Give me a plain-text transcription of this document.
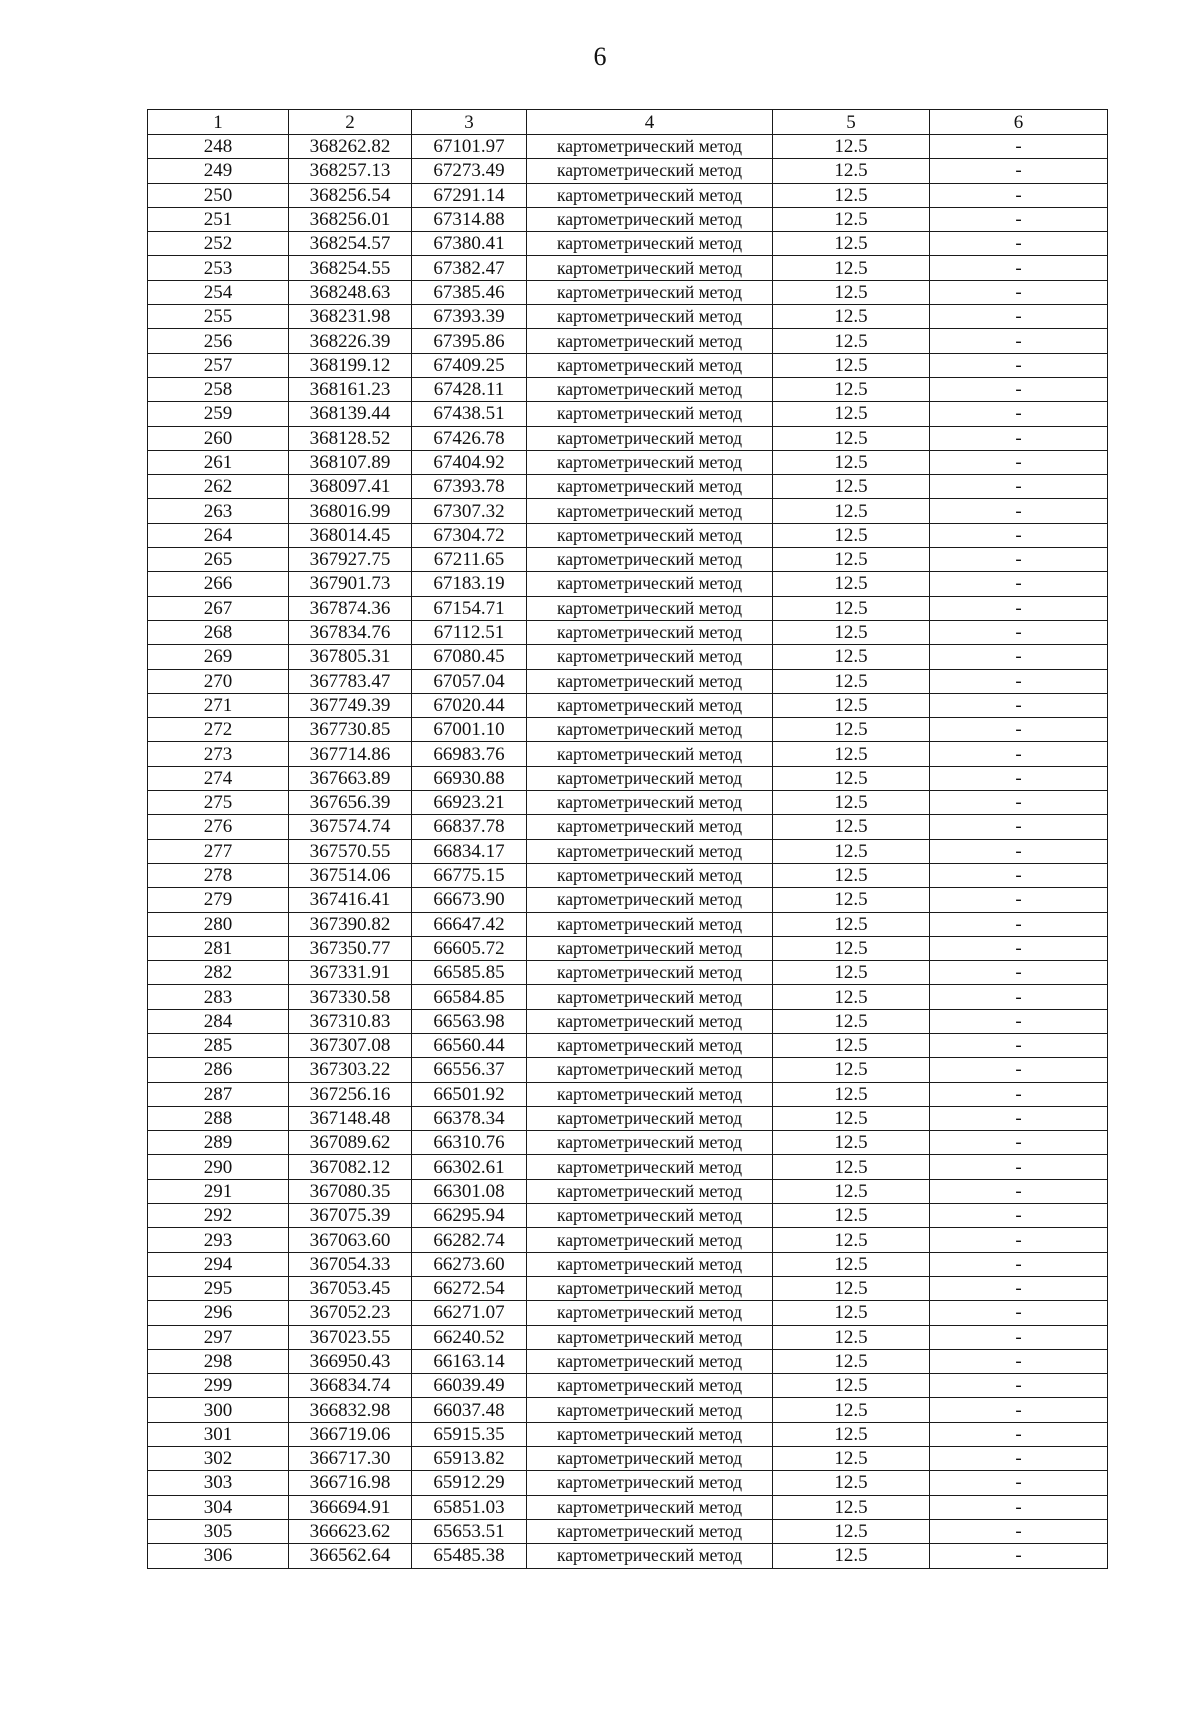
6
1	2	3	4	5	6
248	368262.82	67101.97	картометрический метод	12.5	-
249	368257.13	67273.49	картометрический метод	12.5	-
250	368256.54	67291.14	картометрический метод	12.5	-
251	368256.01	67314.88	картометрический метод	12.5	-
252	368254.57	67380.41	картометрический метод	12.5	-
253	368254.55	67382.47	картометрический метод	12.5	-
254	368248.63	67385.46	картометрический метод	12.5	-
255	368231.98	67393.39	картометрический метод	12.5	-
256	368226.39	67395.86	картометрический метод	12.5	-
257	368199.12	67409.25	картометрический метод	12.5	-
258	368161.23	67428.11	картометрический метод	12.5	-
259	368139.44	67438.51	картометрический метод	12.5	-
260	368128.52	67426.78	картометрический метод	12.5	-
261	368107.89	67404.92	картометрический метод	12.5	-
262	368097.41	67393.78	картометрический метод	12.5	-
263	368016.99	67307.32	картометрический метод	12.5	-
264	368014.45	67304.72	картометрический метод	12.5	-
265	367927.75	67211.65	картометрический метод	12.5	-
266	367901.73	67183.19	картометрический метод	12.5	-
267	367874.36	67154.71	картометрический метод	12.5	-
268	367834.76	67112.51	картометрический метод	12.5	-
269	367805.31	67080.45	картометрический метод	12.5	-
270	367783.47	67057.04	картометрический метод	12.5	-
271	367749.39	67020.44	картометрический метод	12.5	-
272	367730.85	67001.10	картометрический метод	12.5	-
273	367714.86	66983.76	картометрический метод	12.5	-
274	367663.89	66930.88	картометрический метод	12.5	-
275	367656.39	66923.21	картометрический метод	12.5	-
276	367574.74	66837.78	картометрический метод	12.5	-
277	367570.55	66834.17	картометрический метод	12.5	-
278	367514.06	66775.15	картометрический метод	12.5	-
279	367416.41	66673.90	картометрический метод	12.5	-
280	367390.82	66647.42	картометрический метод	12.5	-
281	367350.77	66605.72	картометрический метод	12.5	-
282	367331.91	66585.85	картометрический метод	12.5	-
283	367330.58	66584.85	картометрический метод	12.5	-
284	367310.83	66563.98	картометрический метод	12.5	-
285	367307.08	66560.44	картометрический метод	12.5	-
286	367303.22	66556.37	картометрический метод	12.5	-
287	367256.16	66501.92	картометрический метод	12.5	-
288	367148.48	66378.34	картометрический метод	12.5	-
289	367089.62	66310.76	картометрический метод	12.5	-
290	367082.12	66302.61	картометрический метод	12.5	-
291	367080.35	66301.08	картометрический метод	12.5	-
292	367075.39	66295.94	картометрический метод	12.5	-
293	367063.60	66282.74	картометрический метод	12.5	-
294	367054.33	66273.60	картометрический метод	12.5	-
295	367053.45	66272.54	картометрический метод	12.5	-
296	367052.23	66271.07	картометрический метод	12.5	-
297	367023.55	66240.52	картометрический метод	12.5	-
298	366950.43	66163.14	картометрический метод	12.5	-
299	366834.74	66039.49	картометрический метод	12.5	-
300	366832.98	66037.48	картометрический метод	12.5	-
301	366719.06	65915.35	картометрический метод	12.5	-
302	366717.30	65913.82	картометрический метод	12.5	-
303	366716.98	65912.29	картометрический метод	12.5	-
304	366694.91	65851.03	картометрический метод	12.5	-
305	366623.62	65653.51	картометрический метод	12.5	-
306	366562.64	65485.38	картометрический метод	12.5	-
